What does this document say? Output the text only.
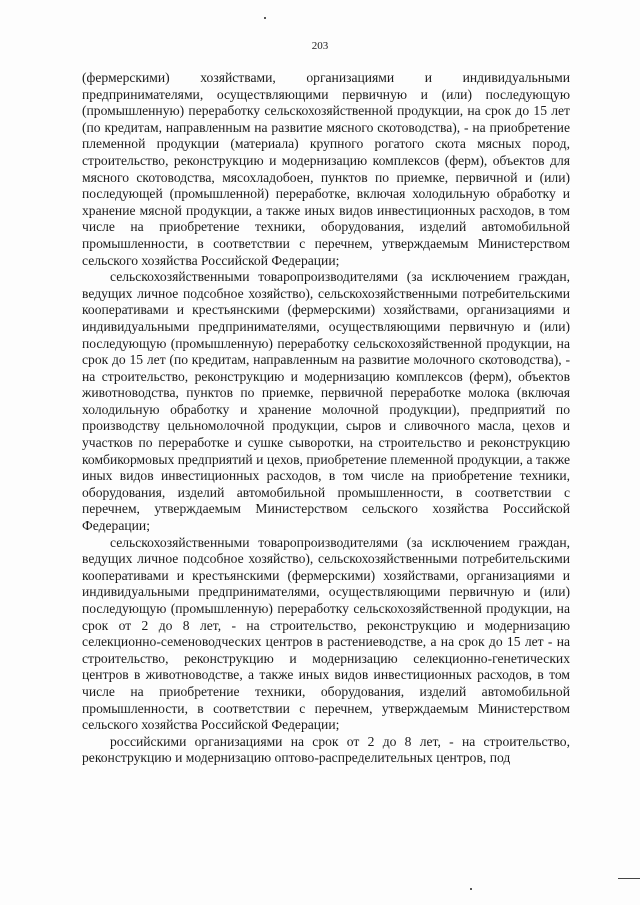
203

(фермерскими) хозяйствами, организациями и индивидуальными предпринимателями, осуществляющими первичную и (или) последующую (промышленную) переработку сельскохозяйственной продукции, на срок до 15 лет (по кредитам, направленным на развитие мясного скотоводства), - на приобретение племенной продукции (материала) крупного рогатого скота мясных пород, строительство, реконструкцию и модернизацию комплексов (ферм), объектов для мясного скотоводства, мясохладобоен, пунктов по приемке, первичной и (или) последующей (промышленной) переработке, включая холодильную обработку и хранение мясной продукции, а также иных видов инвестиционных расходов, в том числе на приобретение техники, оборудования, изделий автомобильной промышленности, в соответствии с перечнем, утверждаемым Министерством сельского хозяйства Российской Федерации;

сельскохозяйственными товаропроизводителями (за исключением граждан, ведущих личное подсобное хозяйство), сельскохозяйственными потребительскими кооперативами и крестьянскими (фермерскими) хозяйствами, организациями и индивидуальными предпринимателями, осуществляющими первичную и (или) последующую (промышленную) переработку сельскохозяйственной продукции, на срок до 15 лет (по кредитам, направленным на развитие молочного скотоводства), - на строительство, реконструкцию и модернизацию комплексов (ферм), объектов животноводства, пунктов по приемке, первичной переработке молока (включая холодильную обработку и хранение молочной продукции), предприятий по производству цельномолочной продукции, сыров и сливочного масла, цехов и участков по переработке и сушке сыворотки, на строительство и реконструкцию комбикормовых предприятий и цехов, приобретение племенной продукции, а также иных видов инвестиционных расходов, в том числе на приобретение техники, оборудования, изделий автомобильной промышленности, в соответствии с перечнем, утверждаемым Министерством сельского хозяйства Российской Федерации;

сельскохозяйственными товаропроизводителями (за исключением граждан, ведущих личное подсобное хозяйство), сельскохозяйственными потребительскими кооперативами и крестьянскими (фермерскими) хозяйствами, организациями и индивидуальными предпринимателями, осуществляющими первичную и (или) последующую (промышленную) переработку сельскохозяйственной продукции, на срок от 2 до 8 лет, - на строительство, реконструкцию и модернизацию селекционно-семеноводческих центров в растениеводстве, а на срок до 15 лет - на строительство, реконструкцию и модернизацию селекционно-генетических центров в животноводстве, а также иных видов инвестиционных расходов, в том числе на приобретение техники, оборудования, изделий автомобильной промышленности, в соответствии с перечнем, утверждаемым Министерством сельского хозяйства Российской Федерации;

российскими организациями на срок от 2 до 8 лет, - на строительство, реконструкцию и модернизацию оптово-распределительных центров, под
